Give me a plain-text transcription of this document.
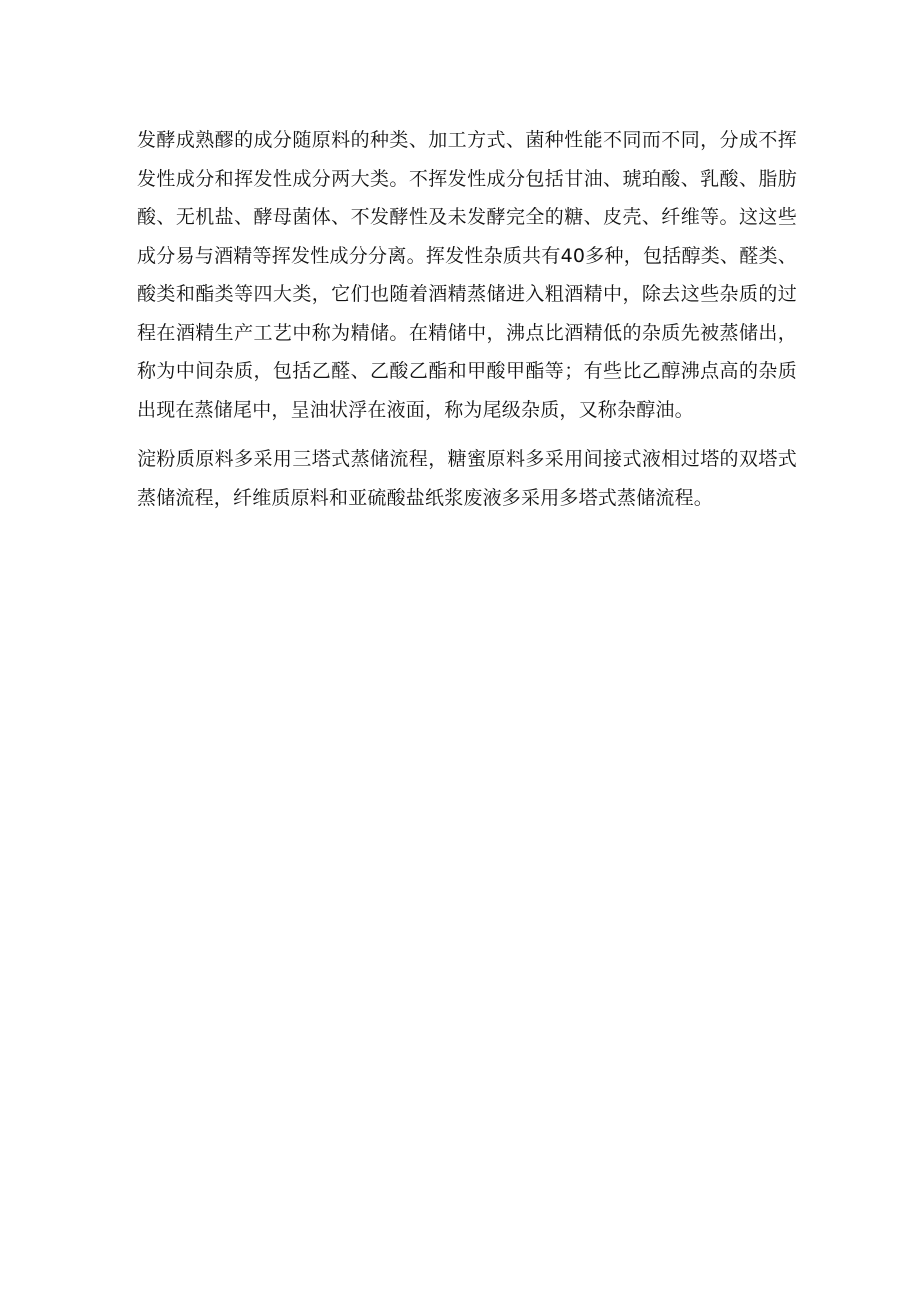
发酵成熟醪的成分随原料的种类、加工方式、菌种性能不同而不同，分成不挥发性成分和挥发性成分两大类。不挥发性成分包括甘油、琥珀酸、乳酸、脂肪酸、无机盐、酵母菌体、不发酵性及未发酵完全的糖、皮壳、纤维等。这这些成分易与酒精等挥发性成分分离。挥发性杂质共有40多种，包括醇类、醛类、酸类和酯类等四大类，它们也随着酒精蒸储进入粗酒精中，除去这些杂质的过程在酒精生产工艺中称为精储。在精储中，沸点比酒精低的杂质先被蒸储出，称为中间杂质，包括乙醛、乙酸乙酯和甲酸甲酯等；有些比乙醇沸点高的杂质出现在蒸储尾中，呈油状浮在液面，称为尾级杂质，又称杂醇油。

淀粉质原料多采用三塔式蒸储流程，糖蜜原料多采用间接式液相过塔的双塔式蒸储流程，纤维质原料和亚硫酸盐纸浆废液多采用多塔式蒸储流程。
